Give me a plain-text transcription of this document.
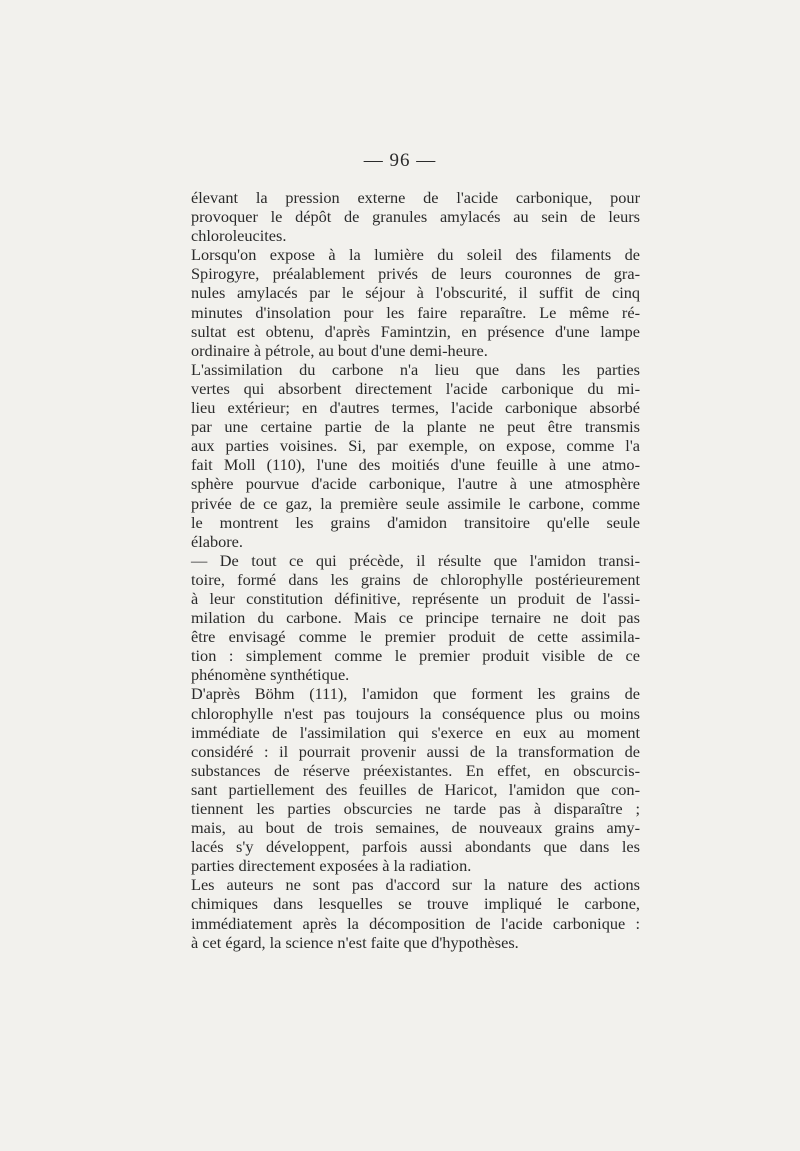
— 96 —
élevant la pression externe de l'acide carbonique, pour
provoquer le dépôt de granules amylacés au sein de leurs
chloroleucites.
Lorsqu'on expose à la lumière du soleil des filaments de
Spirogyre, préalablement privés de leurs couronnes de gra-
nules amylacés par le séjour à l'obscurité, il suffit de cinq
minutes d'insolation pour les faire reparaître. Le même ré-
sultat est obtenu, d'après Famintzin, en présence d'une lampe
ordinaire à pétrole, au bout d'une demi-heure.
L'assimilation du carbone n'a lieu que dans les parties
vertes qui absorbent directement l'acide carbonique du mi-
lieu extérieur; en d'autres termes, l'acide carbonique absorbé
par une certaine partie de la plante ne peut être transmis
aux parties voisines. Si, par exemple, on expose, comme l'a
fait Moll (110), l'une des moitiés d'une feuille à une atmo-
sphère pourvue d'acide carbonique, l'autre à une atmosphère
privée de ce gaz, la première seule assimile le carbone, comme
le montrent les grains d'amidon transitoire qu'elle seule
élabore.
— De tout ce qui précède, il résulte que l'amidon transi-
toire, formé dans les grains de chlorophylle postérieurement
à leur constitution définitive, représente un produit de l'assi-
milation du carbone. Mais ce principe ternaire ne doit pas
être envisagé comme le premier produit de cette assimila-
tion : simplement comme le premier produit visible de ce
phénomène synthétique.
D'après Böhm (111), l'amidon que forment les grains de
chlorophylle n'est pas toujours la conséquence plus ou moins
immédiate de l'assimilation qui s'exerce en eux au moment
considéré : il pourrait provenir aussi de la transformation de
substances de réserve préexistantes. En effet, en obscurcis-
sant partiellement des feuilles de Haricot, l'amidon que con-
tiennent les parties obscurcies ne tarde pas à disparaître ;
mais, au bout de trois semaines, de nouveaux grains amy-
lacés s'y développent, parfois aussi abondants que dans les
parties directement exposées à la radiation.
Les auteurs ne sont pas d'accord sur la nature des actions
chimiques dans lesquelles se trouve impliqué le carbone,
immédiatement après la décomposition de l'acide carbonique :
à cet égard, la science n'est faite que d'hypothèses.
